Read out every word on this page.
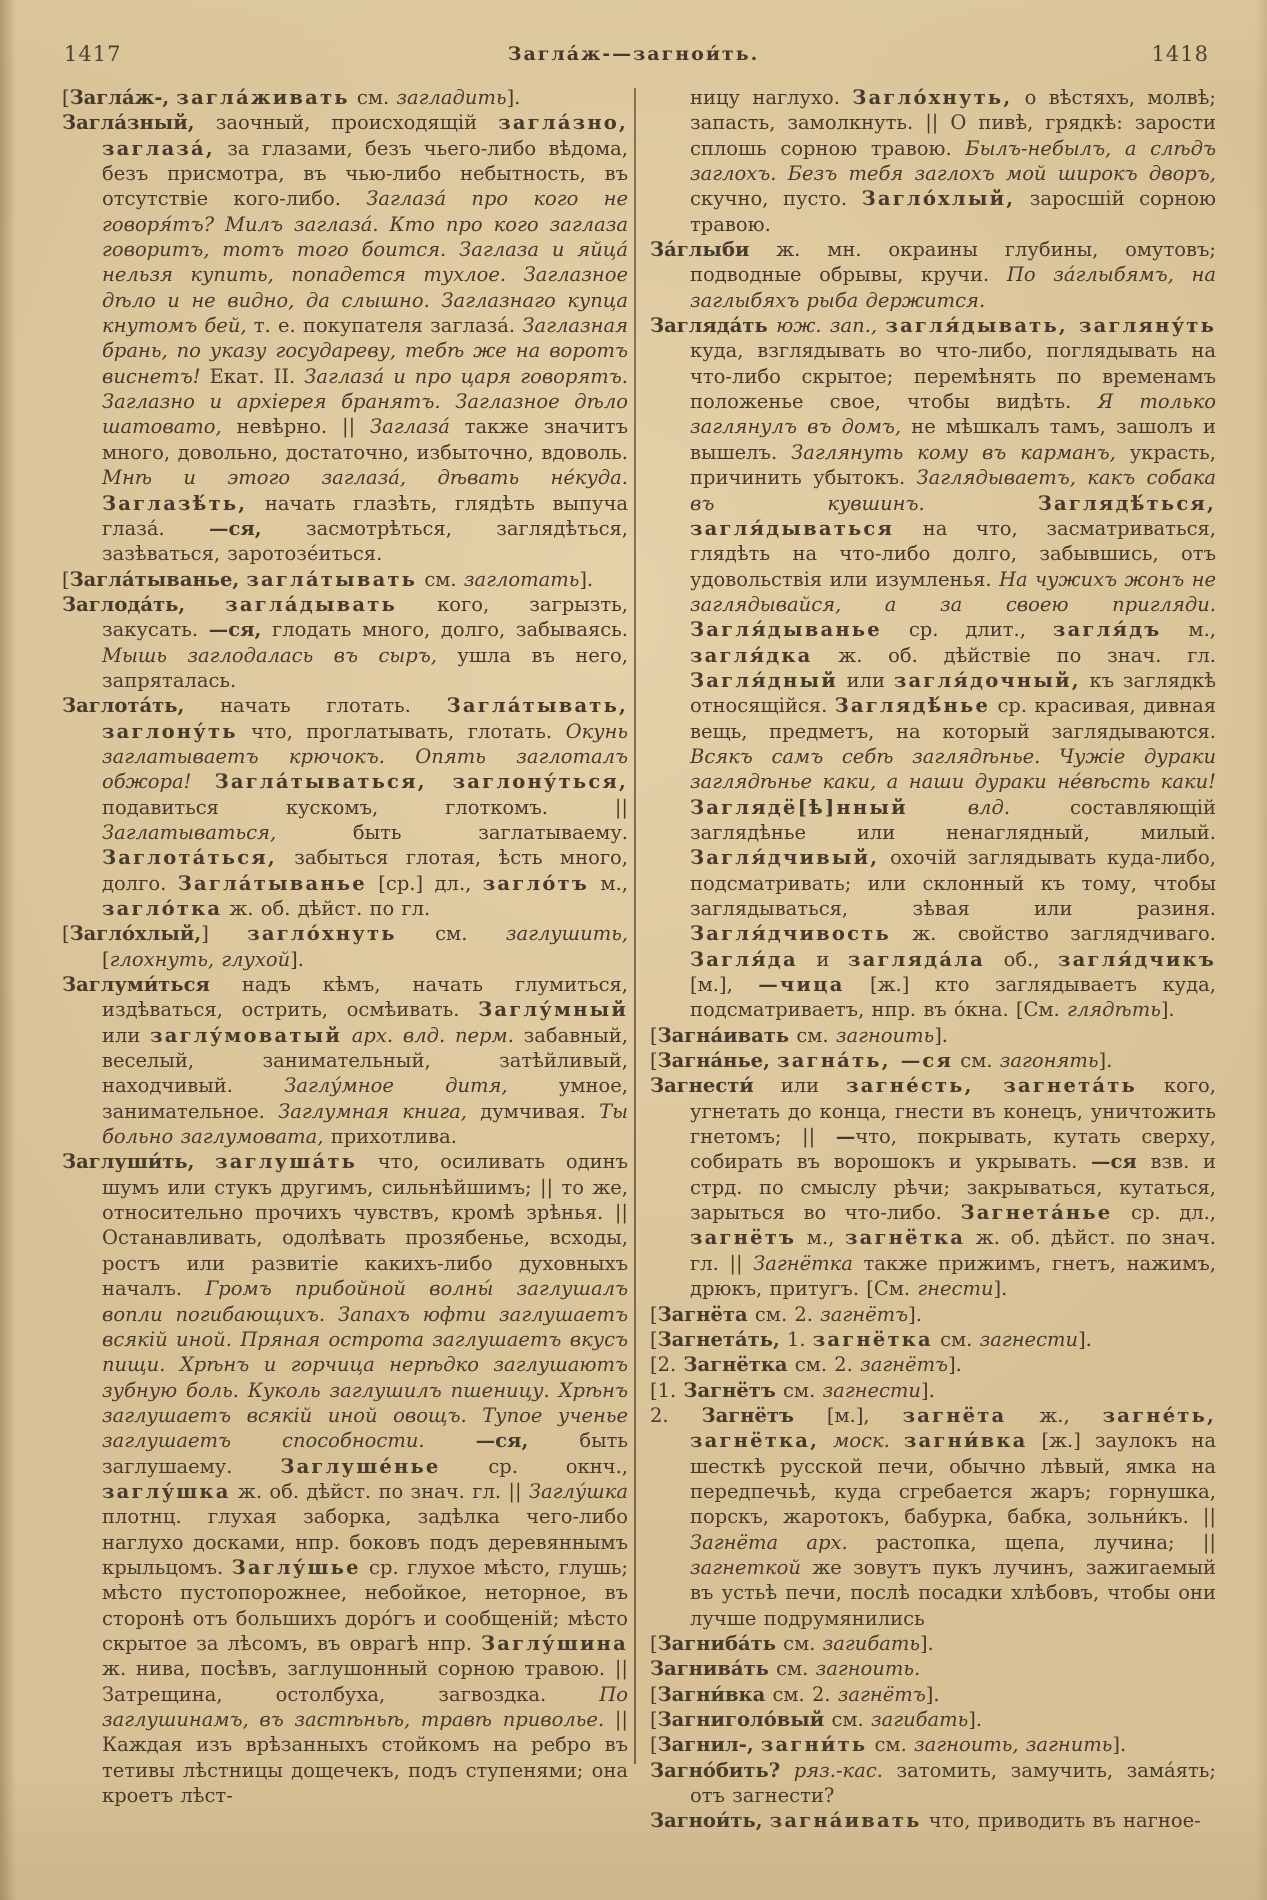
1417	Загла́ж-—загнои́ть.	1418

[Загла́ж-, загла́живать см. загладить].

Загла́зный, заочный, происходящій загла́зно, заглаза́, за глазами, безъ чьего-либо вѣдома, безъ присмотра, въ чью-либо небытность, въ отсутствіе кого-либо. Заглаза́ про кого не говоря́тъ? Милъ заглаза́. Кто про кого заглаза говоритъ, тотъ того боится. Заглаза и яйца́ нельзя купить, попадется тухлое. Заглазное дѣло и не видно, да слышно. Заглазнаго купца кнутомъ бей, т. е. покупателя заглаза́. Заглазная брань, по указу государеву, тебѣ же на воротъ виснетъ! Екат. II. Заглаза́ и про царя говорятъ. Заглазно и архіерея бранятъ. Заглазное дѣло шатовато, невѣрно. || Заглаза́ также значитъ много, довольно, достаточно, избыточно, вдоволь. Мнѣ и этого заглаза́, дѣвать не́куда. Заглазѣ́ть, начать глазѣть, глядѣть выпуча глаза́. —ся, засмотрѣться, заглядѣться, зазѣваться, заротозе́иться.

[Загла́тыванье, загла́тывать см. заглотать].

Заглода́ть, загла́дывать кого, загрызть, закусать. —ся, глодать много, долго, забываясь. Мышь заглодалась въ сыръ, ушла въ него, запряталась.

Заглота́ть, начать глотать. Загла́тывать, заглону́ть что, проглатывать, глотать. Окунь заглатываетъ крючокъ. Опять заглоталъ обжора! Загла́тываться, заглону́ться, подавиться кускомъ, глоткомъ. || Заглатываться, быть заглатываему. Заглота́ться, забыться глотая, ѣсть много, долго. Загла́тыванье [ср.] дл., загло́тъ м., загло́тка ж. об. дѣйст. по гл.

[Загло́хлый,] загло́хнуть см. заглушить, [глохнуть, глухой].

Заглуми́ться надъ кѣмъ, начать глумиться, издѣваться, острить, осмѣивать. Заглу́мный или заглу́моватый арх. влд. перм. забавный, веселый, занимательный, затѣйливый, находчивый. Заглу́мное дитя, умное, занимательное. Заглумная книга, думчивая. Ты больно заглумовата, прихотлива.

Заглуши́ть, заглуша́ть что, осиливать одинъ шумъ или стукъ другимъ, сильнѣйшимъ; || то же, относительно прочихъ чувствъ, кромѣ зрѣнья. || Останавливать, одолѣвать прозябенье, всходы, ростъ или развитіе какихъ-либо духовныхъ началъ. Громъ прибойной волны́ заглушалъ вопли погибающихъ. Запахъ юфти заглушаетъ всякій иной. Пряная острота заглушаетъ вкусъ пищи. Хрѣнъ и горчица нерѣдко заглушаютъ зубную боль. Куколь заглушилъ пшеницу. Хрѣнъ заглушаетъ всякій иной овощъ. Тупое ученье заглушаетъ способности.	—ся, быть заглушаему. Заглуше́нье ср. окнч., заглу́шка ж. об. дѣйст. по знач. гл. || Заглу́шка плотнц. глухая заборка, задѣлка чего-либо наглухо досками, нпр. боковъ подъ деревяннымъ крыльцомъ. Заглу́шье ср. глухое мѣсто, глушь; мѣсто пустопорожнее, небойкое, неторное, въ сторонѣ отъ большихъ доро́гъ и сообщеній; мѣсто скрытое за лѣсомъ, въ оврагѣ нпр. Заглу́шина ж. нива, посѣвъ, заглушонный сорною травою. || Затрещина, остолбуха, загвоздка. По заглушинамъ, въ застѣньѣ, травѣ приволье. || Каждая изъ врѣзанныхъ стойкомъ на ребро въ тетивы лѣстницы дощечекъ, подъ ступенями; она кроетъ лѣст-

ницу наглухо. Загло́хнуть, о вѣстяхъ, молвѣ; запасть, замолкнуть. || О пивѣ, грядкѣ: зарости сплошь сорною травою. Былъ-небылъ, а слѣдъ заглохъ. Безъ тебя заглохъ мой широкъ дворъ, скучно, пусто. Загло́хлый, заросшій сорною травою.

За́глыби ж. мн. окраины глубины, омутовъ; подводные обрывы, кручи. По за́глыбямъ, на заглыбяхъ рыба держится.

Загляда́ть юж. зап., загля́дывать, загляну́ть куда, взглядывать во что-либо, поглядывать на что-либо скрытое; перемѣнять по временамъ положенье свое, чтобы видѣть. Я только заглянулъ въ домъ, не мѣшкалъ тамъ, зашолъ и вышелъ. Заглянуть кому въ карманъ, украсть, причинить убытокъ. Заглядываетъ, какъ собака въ кувшинъ.	Заглядѣ́ться, загля́дываться на что, засматриваться, глядѣть на что-либо долго, забывшись, отъ удовольствія или изумленья. На чужихъ жонъ не заглядывайся, а за своею пригляди. Загля́дыванье ср. длит., загля́дъ м., загля́дка ж. об. дѣйствіе по знач. гл. Загля́дный или загля́дочный, къ заглядкѣ относящійся. Заглядѣ́нье ср. красивая, дивная вещь, предметъ, на который заглядываются. Всякъ самъ себѣ заглядѣнье. Чужіе дураки заглядѣнье каки, а наши дураки не́вѣсть каки! Заглядё[ѣ]нный	влд. составляющій заглядѣнье или ненаглядный, милый. Загля́дчивый, охочій заглядывать куда-либо, подсматривать; или склонный къ тому, чтобы заглядываться, зѣвая или разиня. Загля́дчивость ж. свойство заглядчиваго. Загля́да и загляда́ла об., загля́дчикъ [м.], —чица [ж.] кто заглядываетъ куда, подсматриваетъ, нпр. въ о́кна. [См. глядѣть].

[Загна́ивать см. загноить].

[Загна́нье, загна́ть, —ся см. загонять].

Загнести́ или загне́сть, загнета́ть кого, угнетать до конца, гнести въ конецъ, уничтожить гнетомъ; || —что, покрывать, кутать сверху, собирать въ ворошокъ и укрывать. —ся взв. и стрд. по смыслу рѣчи; закрываться, кутаться, зарыться во что-либо. Загнета́нье ср. дл., загнётъ м., загнётка ж. об. дѣйст. по знач. гл. || Загнётка также прижимъ, гнетъ, нажимъ, дрюкъ, притугъ. [См. гнести].

[Загнёта см. 2. загнётъ].

[Загнета́ть, 1. загнётка см. загнести].

[2. Загнётка см. 2. загнётъ].

[1. Загнётъ см. загнести].

2. Загнётъ [м.], загнёта ж., загне́ть, загнётка, моск. загни́вка [ж.] заулокъ на шесткѣ русской печи, обычно лѣвый, ямка на передпечьѣ, куда сгребается жаръ; горнушка, порскъ, жаротокъ, бабурка, бабка, зольни́къ. || Загнёта арх. растопка, щепа, лучина; || загнеткой же зовутъ пукъ лучинъ, зажигаемый въ устьѣ печи, послѣ посадки хлѣбовъ, чтобы они лучше подрумянились

[Загниба́ть см. загибать].

Загнива́ть см. загноить.

[Загни́вка см. 2. загнётъ].

[Загниголо́вый см. загибать].

[Загнил-, загни́ть см. загноить, загнить].

Загно́бить? ряз.-кас. затомить, замучить, зама́ять; отъ загнести?

Загнои́ть, загна́ивать что, приводить въ нагное-
